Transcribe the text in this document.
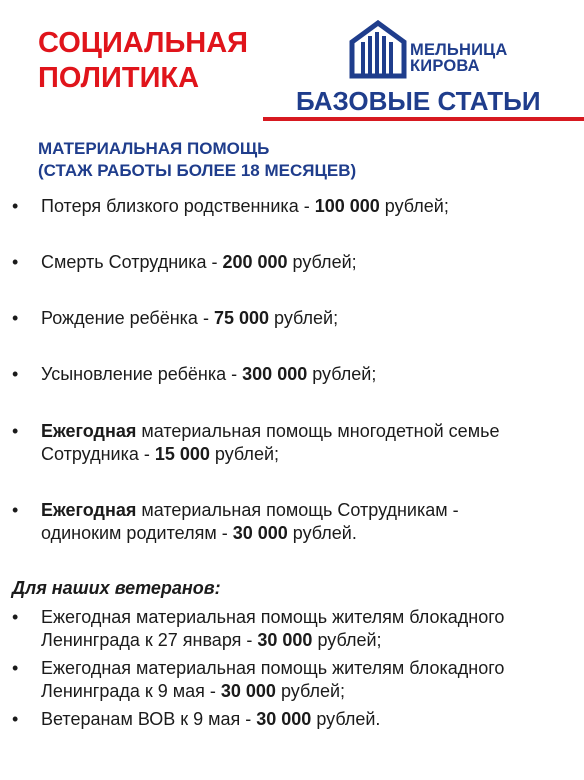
СОЦИАЛЬНАЯ
ПОЛИТИКА
МЕЛЬНИЦА
КИРОВА
БАЗОВЫЕ СТАТЬИ
МАТЕРИАЛЬНАЯ ПОМОЩЬ
(СТАЖ РАБОТЫ БОЛЕЕ 18 МЕСЯЦЕВ)
• Потеря близкого родственника - 100 000 рублей;
• Смерть Сотрудника - 200 000 рублей;
• Рождение ребёнка - 75 000 рублей;
• Усыновление ребёнка - 300 000 рублей;
• Ежегодная материальная помощь многодетной семье
Сотрудника - 15 000 рублей;
• Ежегодная материальная помощь Сотрудникам -
одиноким родителям - 30 000 рублей.
Для наших ветеранов:
• Ежегодная материальная помощь жителям блокадного
Ленинграда к 27 января - 30 000 рублей;
• Ежегодная материальная помощь жителям блокадного
Ленинграда к 9 мая - 30 000 рублей;
• Ветеранам ВОВ к 9 мая - 30 000 рублей.
